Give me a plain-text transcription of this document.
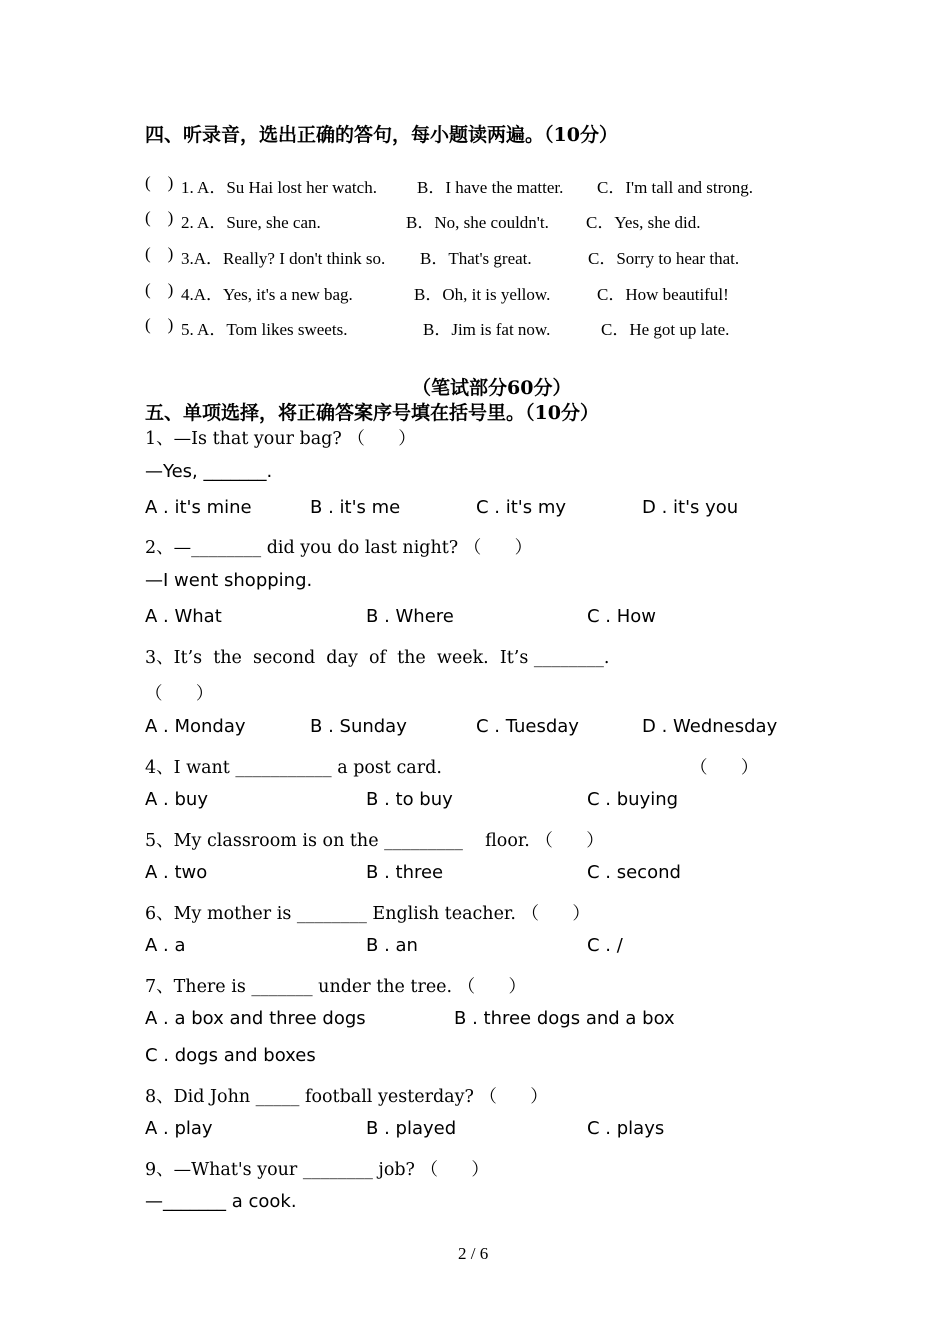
四、听录音，选出正确的答句，每小题读两遍。（10分）
(    ) 1. A．Su Hai lost her watch. B．I have the matter. C．I'm tall and strong.
(    ) 2. A．Sure, she can.	B．No, she couldn't. C．Yes, she did.
(    ) 3.A．Really? I don't think so. B．That's great.	C．Sorry to hear that.
(    ) 4.A．Yes, it's a new bag.	B．Oh, it is yellow.	C．How beautiful!
(    ) 5. A．Tom likes sweets.	B．Jim is fat now.	C．He got up late.
（笔试部分60分）
五、单项选择，将正确答案序号填在括号里。（10分）
1、—Is that your bag? （      ）
—Yes, _______.
A . it's mine	B . it's me	C . it's my	D . it's you
2、—________ did you do last night? （      ）
—I went shopping.
A . What	B . Where	C . How
3、It’s  the  second  day  of  the  week.  It’s ________.
（      ）
A . Monday	B . Sunday	C . Tuesday	D . Wednesday
4、I want ___________ a post card.	（      ）
A . buy	B . to buy	C . buying
5、My classroom is on the _________    floor. （      ）
A . two	B . three	C . second
6、My mother is ________ English teacher. （      ）
A . a	B . an	C . /
7、There is _______ under the tree. （      ）
A . a box and three dogs	B . three dogs and a box
C . dogs and boxes
8、Did John _____ football yesterday? （      ）
A . play	B . played	C . plays
9、—What's your ________ job? （      ）
—_______ a cook.
2 / 6
